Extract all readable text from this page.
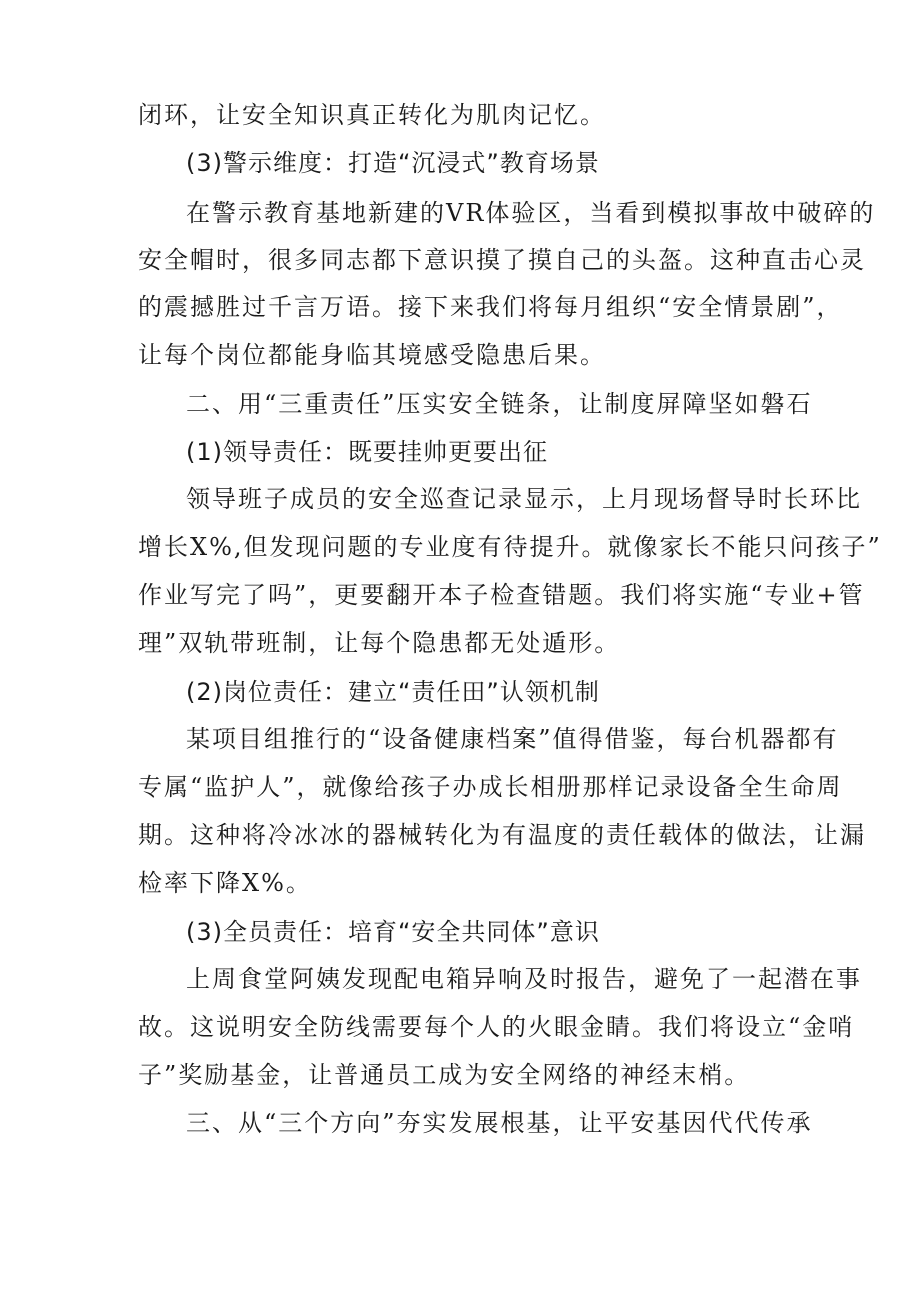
闭环，让安全知识真正转化为肌肉记忆。
(3)警示维度：打造“沉浸式”教育场景
在警示教育基地新建的VR体验区，当看到模拟事故中破碎的
安全帽时，很多同志都下意识摸了摸自己的头盔。这种直击心灵
的震撼胜过千言万语。接下来我们将每月组织“安全情景剧”，
让每个岗位都能身临其境感受隐患后果。
二、用“三重责任”压实安全链条，让制度屏障坚如磐石
(1)领导责任：既要挂帅更要出征
领导班子成员的安全巡查记录显示，上月现场督导时长环比
增长X%,但发现问题的专业度有待提升。就像家长不能只问孩子”
作业写完了吗”，更要翻开本子检查错题。我们将实施“专业+管
理”双轨带班制，让每个隐患都无处遁形。
(2)岗位责任：建立“责任田”认领机制
某项目组推行的“设备健康档案”值得借鉴，每台机器都有
专属“监护人”，就像给孩子办成长相册那样记录设备全生命周
期。这种将冷冰冰的器械转化为有温度的责任载体的做法，让漏
检率下降X%。
(3)全员责任：培育“安全共同体”意识
上周食堂阿姨发现配电箱异响及时报告，避免了一起潜在事
故。这说明安全防线需要每个人的火眼金睛。我们将设立“金哨
子”奖励基金，让普通员工成为安全网络的神经末梢。
三、从“三个方向”夯实发展根基，让平安基因代代传承
